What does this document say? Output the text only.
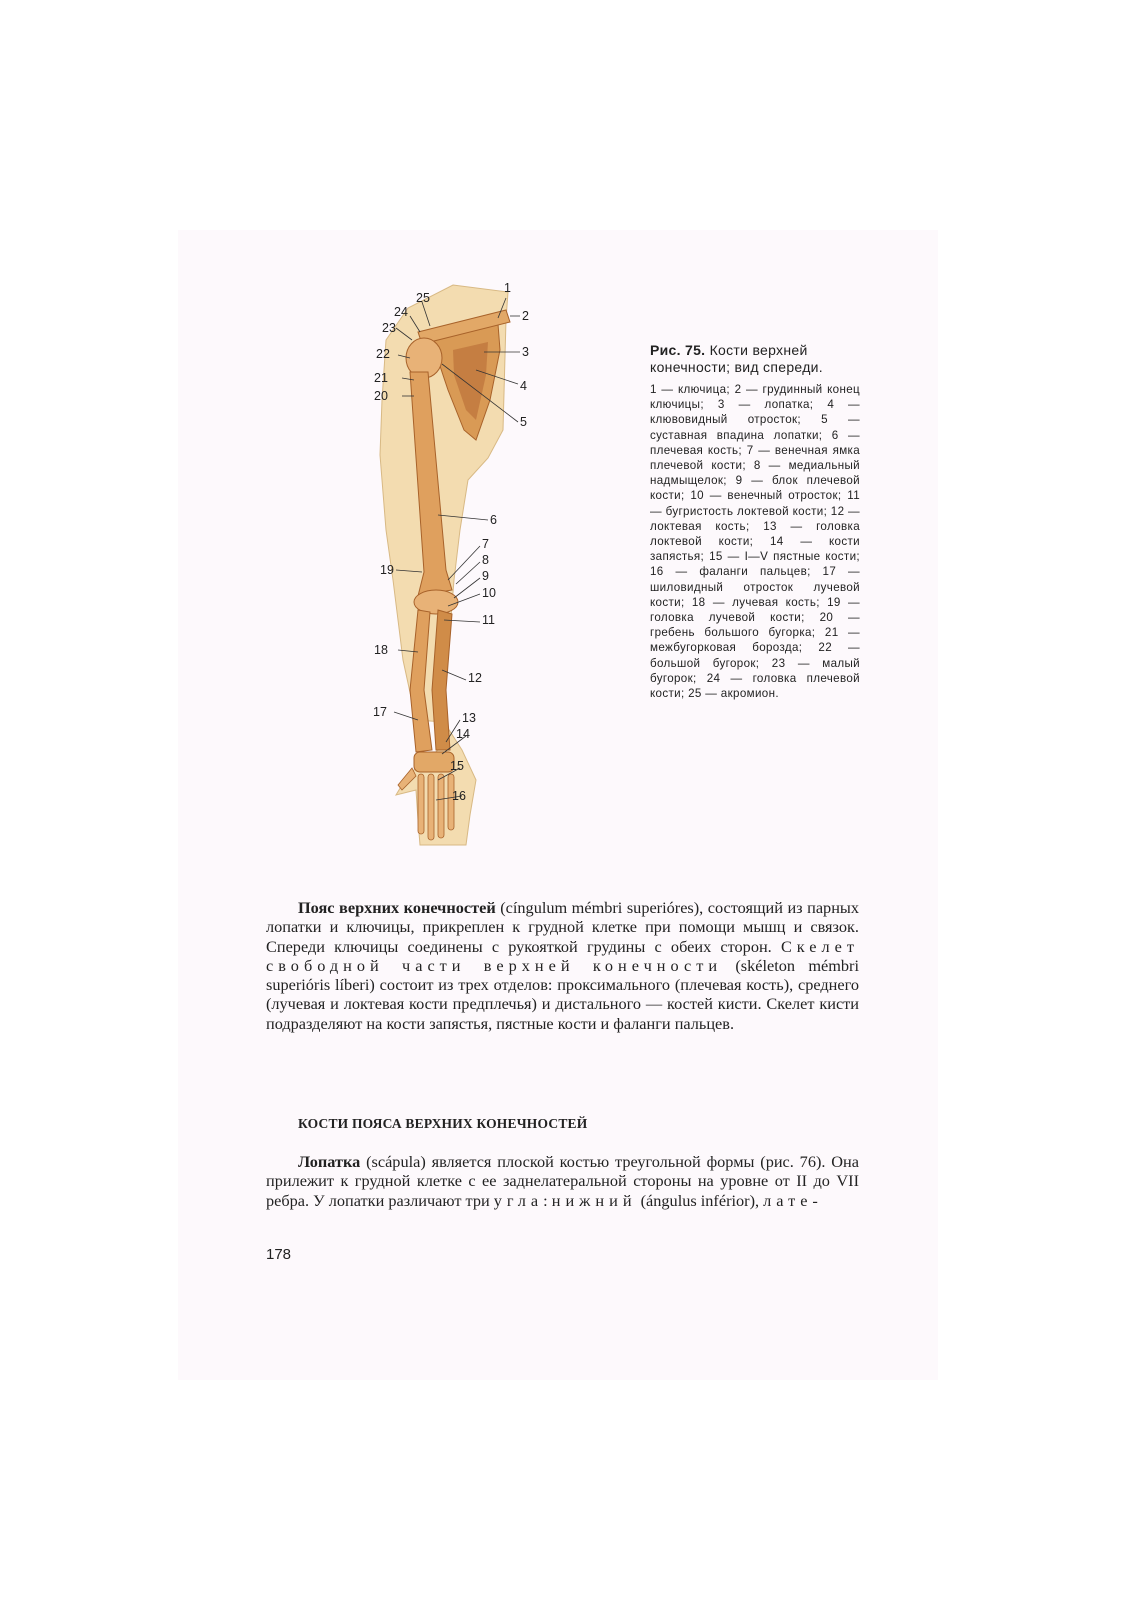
1
2
3
4
5
6
7
8
9
10
11
12
13
14
15
16
17
18
19
20
21
22
23
24
25
Рис. 75. Кости верхней конечности; вид спереди.
1 — ключица; 2 — грудинный конец ключицы; 3 — лопатка; 4 — клювовидный отросток; 5 — суставная впадина лопатки; 6 — плечевая кость; 7 — венечная ямка плечевой кости; 8 — медиальный надмыщелок; 9 — блок плечевой кости; 10 — венечный отросток; 11 — бугристость локтевой кости; 12 — локтевая кость; 13 — головка локтевой кости; 14 — кости запястья; 15 — I—V пястные кости; 16 — фаланги пальцев; 17 — шиловидный отросток лучевой кости; 18 — лучевая кость; 19 — головка лучевой кости; 20 — гребень большого бугорка; 21 — межбугорковая борозда; 22 — большой бугорок; 23 — малый бугорок; 24 — головка плечевой кости; 25 — акромион.
Пояс верхних конечностей (cíngulum mémbri superióres), состоящий из парных лопатки и ключицы, прикреплен к грудной клетке при помощи мышц и связок. Спереди ключицы соединены с рукояткой грудины с обеих сторон. Скелет свободной части верхней конечности (skéleton mémbri superióris líberi) состоит из трех отделов: проксимального (плечевая кость), среднего (лучевая и локтевая кости предплечья) и дистального — костей кисти. Скелет кисти подразделяют на кости запястья, пястные кости и фаланги пальцев.
КОСТИ ПОЯСА ВЕРХНИХ КОНЕЧНОСТЕЙ
Лопатка (scápula) является плоской костью треугольной формы (рис. 76). Она прилежит к грудной клетке с ее заднелатеральной стороны на уровне от II до VII ребра. У лопатки различают три угла: нижний (ángulus inférior), лате-
178
